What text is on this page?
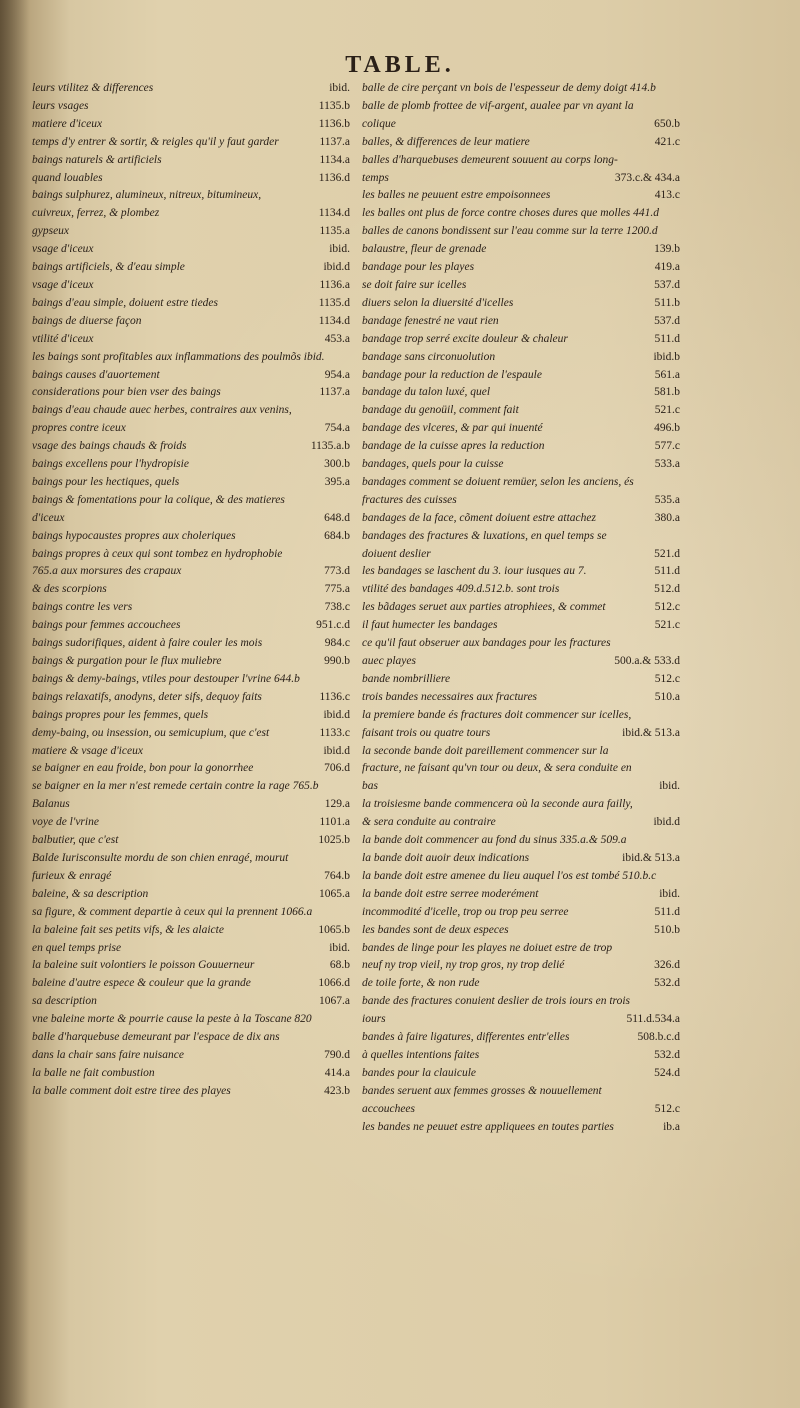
TABLE.
leurs vtilitez & differences	ibid.
leurs vsages	1135.b
matiere d'iceux	1136.b
temps d'y entrer & sortir, & reigles qu'il y faut garder	1137.a
baings naturels & artificiels	1134.a
quand louables	1136.d
baings sulphurez, alumineux, nitreux, bitumineux, cuivreux, ferrez, & plombez	1134.d
gypseux	1135.a
vsage d'iceux	ibid.
baings artificiels, & d'eau simple	ibid.d
vsage d'iceux	1136.a
baings d'eau simple, doiuent estre tiedes	1135.d
baings de diuerse façon	1134.d
vtilité d'iceux	453.a
les baings sont profitables aux inflammations des poulmõs ibid.
baings causes d'auortement	954.a
considerations pour bien vser des baings	1137.a
baings d'eau chaude auec herbes, contraires aux venins, propres contre iceux	754.a
vsage des baings chauds & froids	1135.a.b
baings excellens pour l'hydropisie	300.b
baings pour les hectiques, quels	395.a
baings & fomentations pour la colique, & des matieres d'iceux	648.d
baings hypocaustes propres aux choleriques	684.b
baings propres à ceux qui sont tombez en hydrophobie 765.a aux morsures des crapaux	773.d
& des scorpions	775.a
baings contre les vers	738.c
baings pour femmes accouchees	951.c.d
baings sudorifiques, aident à faire couler les mois	984.c
baings & purgation pour le flux muliebre	990.b
baings & demy-baings, vtiles pour destouper l'vrine 644.b
baings relaxatifs, anodyns, deter sifs, dequoy faits	1136.c
baings propres pour les femmes, quels	ibid.d
demy-baing, ou insession, ou semicupium, que c'est	1133.c
matiere & vsage d'iceux	ibid.d
se baigner en eau froide, bon pour la gonorrhee	706.d
se baigner en la mer n'est remede certain contre la rage 765.b
Balanus	129.a
voye de l'vrine	1101.a
balbutier, que c'est	1025.b
Balde Iurisconsulte mordu de son chien enragé, mourut furieux & enragé	764.b
baleine, & sa description	1065.a
sa figure, & comment departie à ceux qui la prennent 1066.a
la baleine fait ses petits vifs, & les alaicte	1065.b
en quel temps prise	ibid.
la baleine suit volontiers le poisson Gouuerneur	68.b
baleine d'autre espece & couleur que la grande	1066.d
sa description	1067.a
vne baleine morte & pourrie cause la peste à la Toscane 820
balle d'harquebuse demeurant par l'espace de dix ans dans la chair sans faire nuisance	790.d
la balle ne fait combustion	414.a
la balle comment doit estre tiree des playes	423.b
balle de cire perçant vn bois de l'espesseur de demy doigt 414.b
balle de plomb frottee de vif-argent, aualee par vn ayant la colique	650.b
balles, & differences de leur matiere	421.c
balles d'harquebuses demeurent souuent au corps long-temps	373.c.& 434.a
les balles ne peuuent estre empoisonnees	413.c
les balles ont plus de force contre choses dures que molles 441.d
balles de canons bondissent sur l'eau comme sur la terre 1200.d
balaustre, fleur de grenade	139.b
bandage pour les playes	419.a
se doit faire sur icelles	537.d
diuers selon la diuersité d'icelles	511.b
bandage fenestré ne vaut rien	537.d
bandage trop serré excite douleur & chaleur	511.d
bandage sans circonuolution	ibid.b
bandage pour la reduction de l'espaule	561.a
bandage du talon luxé, quel	581.b
bandage du genoüil, comment fait	521.c
bandage des vlceres, & par qui inuenté	496.b
bandage de la cuisse apres la reduction	577.c
bandages, quels pour la cuisse	533.a
bandages comment se doiuent remüer, selon les anciens, és fractures des cuisses	535.a
bandages de la face, cõment doiuent estre attachez	380.a
bandages des fractures & luxations, en quel temps se doiuent deslier	521.d
les bandages se laschent du 3. iour iusques au 7.	511.d
vtilité des bandages 409.d.512.b. sont trois	512.d
les bãdages seruet aux parties atrophiees, & commet	512.c
il faut humecter les bandages	521.c
ce qu'il faut obseruer aux bandages pour les fractures auec playes	500.a.& 533.d
bande nombrilliere	512.c
trois bandes necessaires aux fractures	510.a
la premiere bande és fractures doit commencer sur icelles, faisant trois ou quatre tours	ibid.& 513.a
la seconde bande doit pareillement commencer sur la fracture, ne faisant qu'vn tour ou deux, & sera conduite en bas	ibid.
la troisiesme bande commencera où la seconde aura failly, & sera conduite au contraire	ibid.d
la bande doit commencer au fond du sinus 335.a.& 509.a
la bande doit auoir deux indications	ibid.& 513.a
la bande doit estre amenee du lieu auquel l'os est tombé 510.b.c
la bande doit estre serree moderément	ibid.
incommodité d'icelle, trop ou trop peu serree	511.d
les bandes sont de deux especes	510.b
bandes de linge pour les playes ne doiuet estre de trop neuf ny trop vieil, ny trop gros, ny trop delié	326.d
de toile forte, & non rude	532.d
bande des fractures conuient deslier de trois iours en trois iours	511.d.534.a
bandes à faire ligatures, differentes entr'elles	508.b.c.d
à quelles intentions faites	532.d
bandes pour la clauicule	524.d
bandes seruent aux femmes grosses & nouuellement accouchees	512.c
les bandes ne peuuet estre appliquees en toutes parties	ib.a
